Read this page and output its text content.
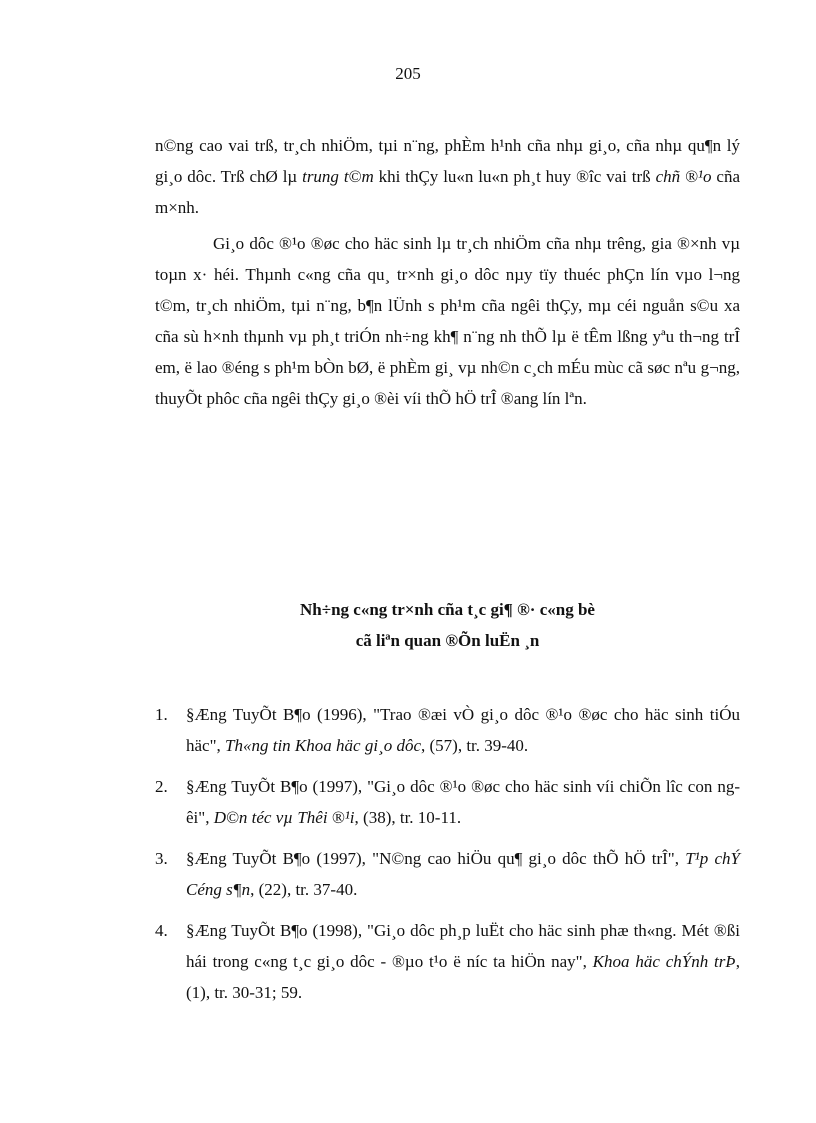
205
n©ng cao vai trß, tr¸ch nhiÖm, tµi n¨ng, phÈm h¹nh cña nhµ gi¸o, cña nhµ qu¶n lý gi¸o dôc. Trß chØ lµ trung t©m khi thÇy lu«n lu«n ph¸t huy ®îc vai trß chñ ®¹o cña m×nh.
Gi¸o dôc ®¹o ®øc cho häc sinh lµ tr¸ch nhiÖm cña nhµ trêng, gia ®×nh vµ toµn x· héi. Thµnh c«ng cña qu¸ tr×nh gi¸o dôc nµy tïy thuéc phÇn lín vµo l¬ng t©m, tr¸ch nhiÖm, tµi n¨ng, b¶n lÜnh s ph¹m cña ngêi thÇy, mµ céi nguån s©u xa cña sù h×nh thµnh vµ ph¸t triÓn nh÷ng kh¶ n¨ng nh thÕ lµ ë tÊm lßng yªu th¬ng trÎ em, ë lao ®éng s ph¹m bÒn bØ, ë phÈm gi¸ vµ nh©n c¸ch mÉu mùc cã søc nªu g¬ng, thuyÕt phôc cña ngêi thÇy gi¸o ®èi víi thÕ hÖ trÎ ®ang lín lªn.
Nh÷ng c«ng tr×nh cña t¸c gi¶ ®· c«ng bè
cã liªn quan ®Õn luËn ¸n
1.	§Æng TuyÕt B¶o (1996), "Trao ®æi vÒ gi¸o dôc ®¹o ®øc cho häc sinh tiÓu häc", Th«ng tin Khoa häc gi¸o dôc, (57), tr. 39-40.
2.	§Æng TuyÕt B¶o (1997), "Gi¸o dôc ®¹o ®øc cho häc sinh víi chiÕn lîc con ngêi", D©n téc vµ Thêi ®¹i, (38), tr. 10-11.
3.	§Æng TuyÕt B¶o (1997), "N©ng cao hiÖu qu¶ gi¸o dôc thÕ hÖ trÎ", T¹p chÝ Céng s¶n, (22), tr. 37-40.
4.	§Æng TuyÕt B¶o (1998), "Gi¸o dôc ph¸p luËt cho häc sinh phæ th«ng. Mét ®ßi hái trong c«ng t¸c gi¸o dôc - ®µo t¹o ë níc ta hiÖn nay", Khoa häc chÝnh trÞ, (1), tr. 30-31; 59.
